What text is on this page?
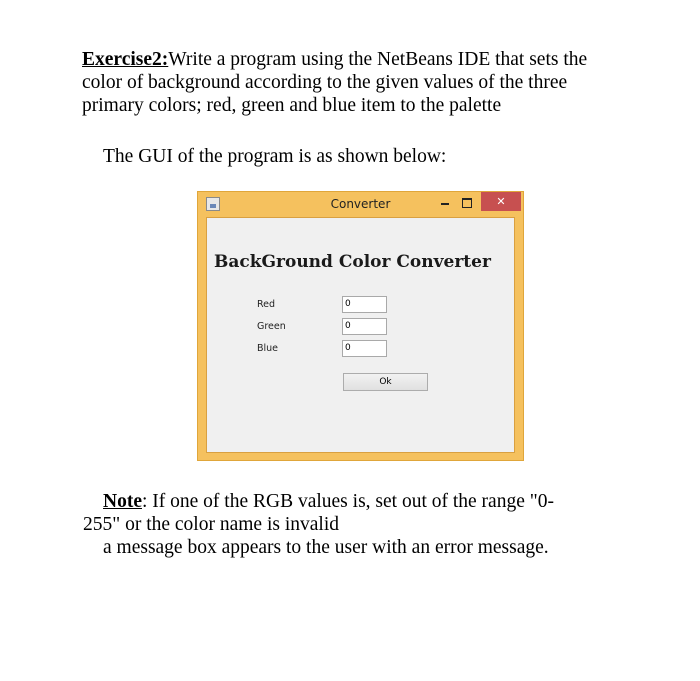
Exercise2:Write a program using the NetBeans IDE that sets the
color of background according to the given values of the three
primary colors; red, green and blue item to the palette
The GUI of the program is as shown below:
Converter	✕
BackGround Color Converter
Red	0
Green	0
Blue	0
Ok
Note: If one of the RGB values is, set out of the range "0-
255" or the color name is invalid
a message box appears to the user with an error message.
